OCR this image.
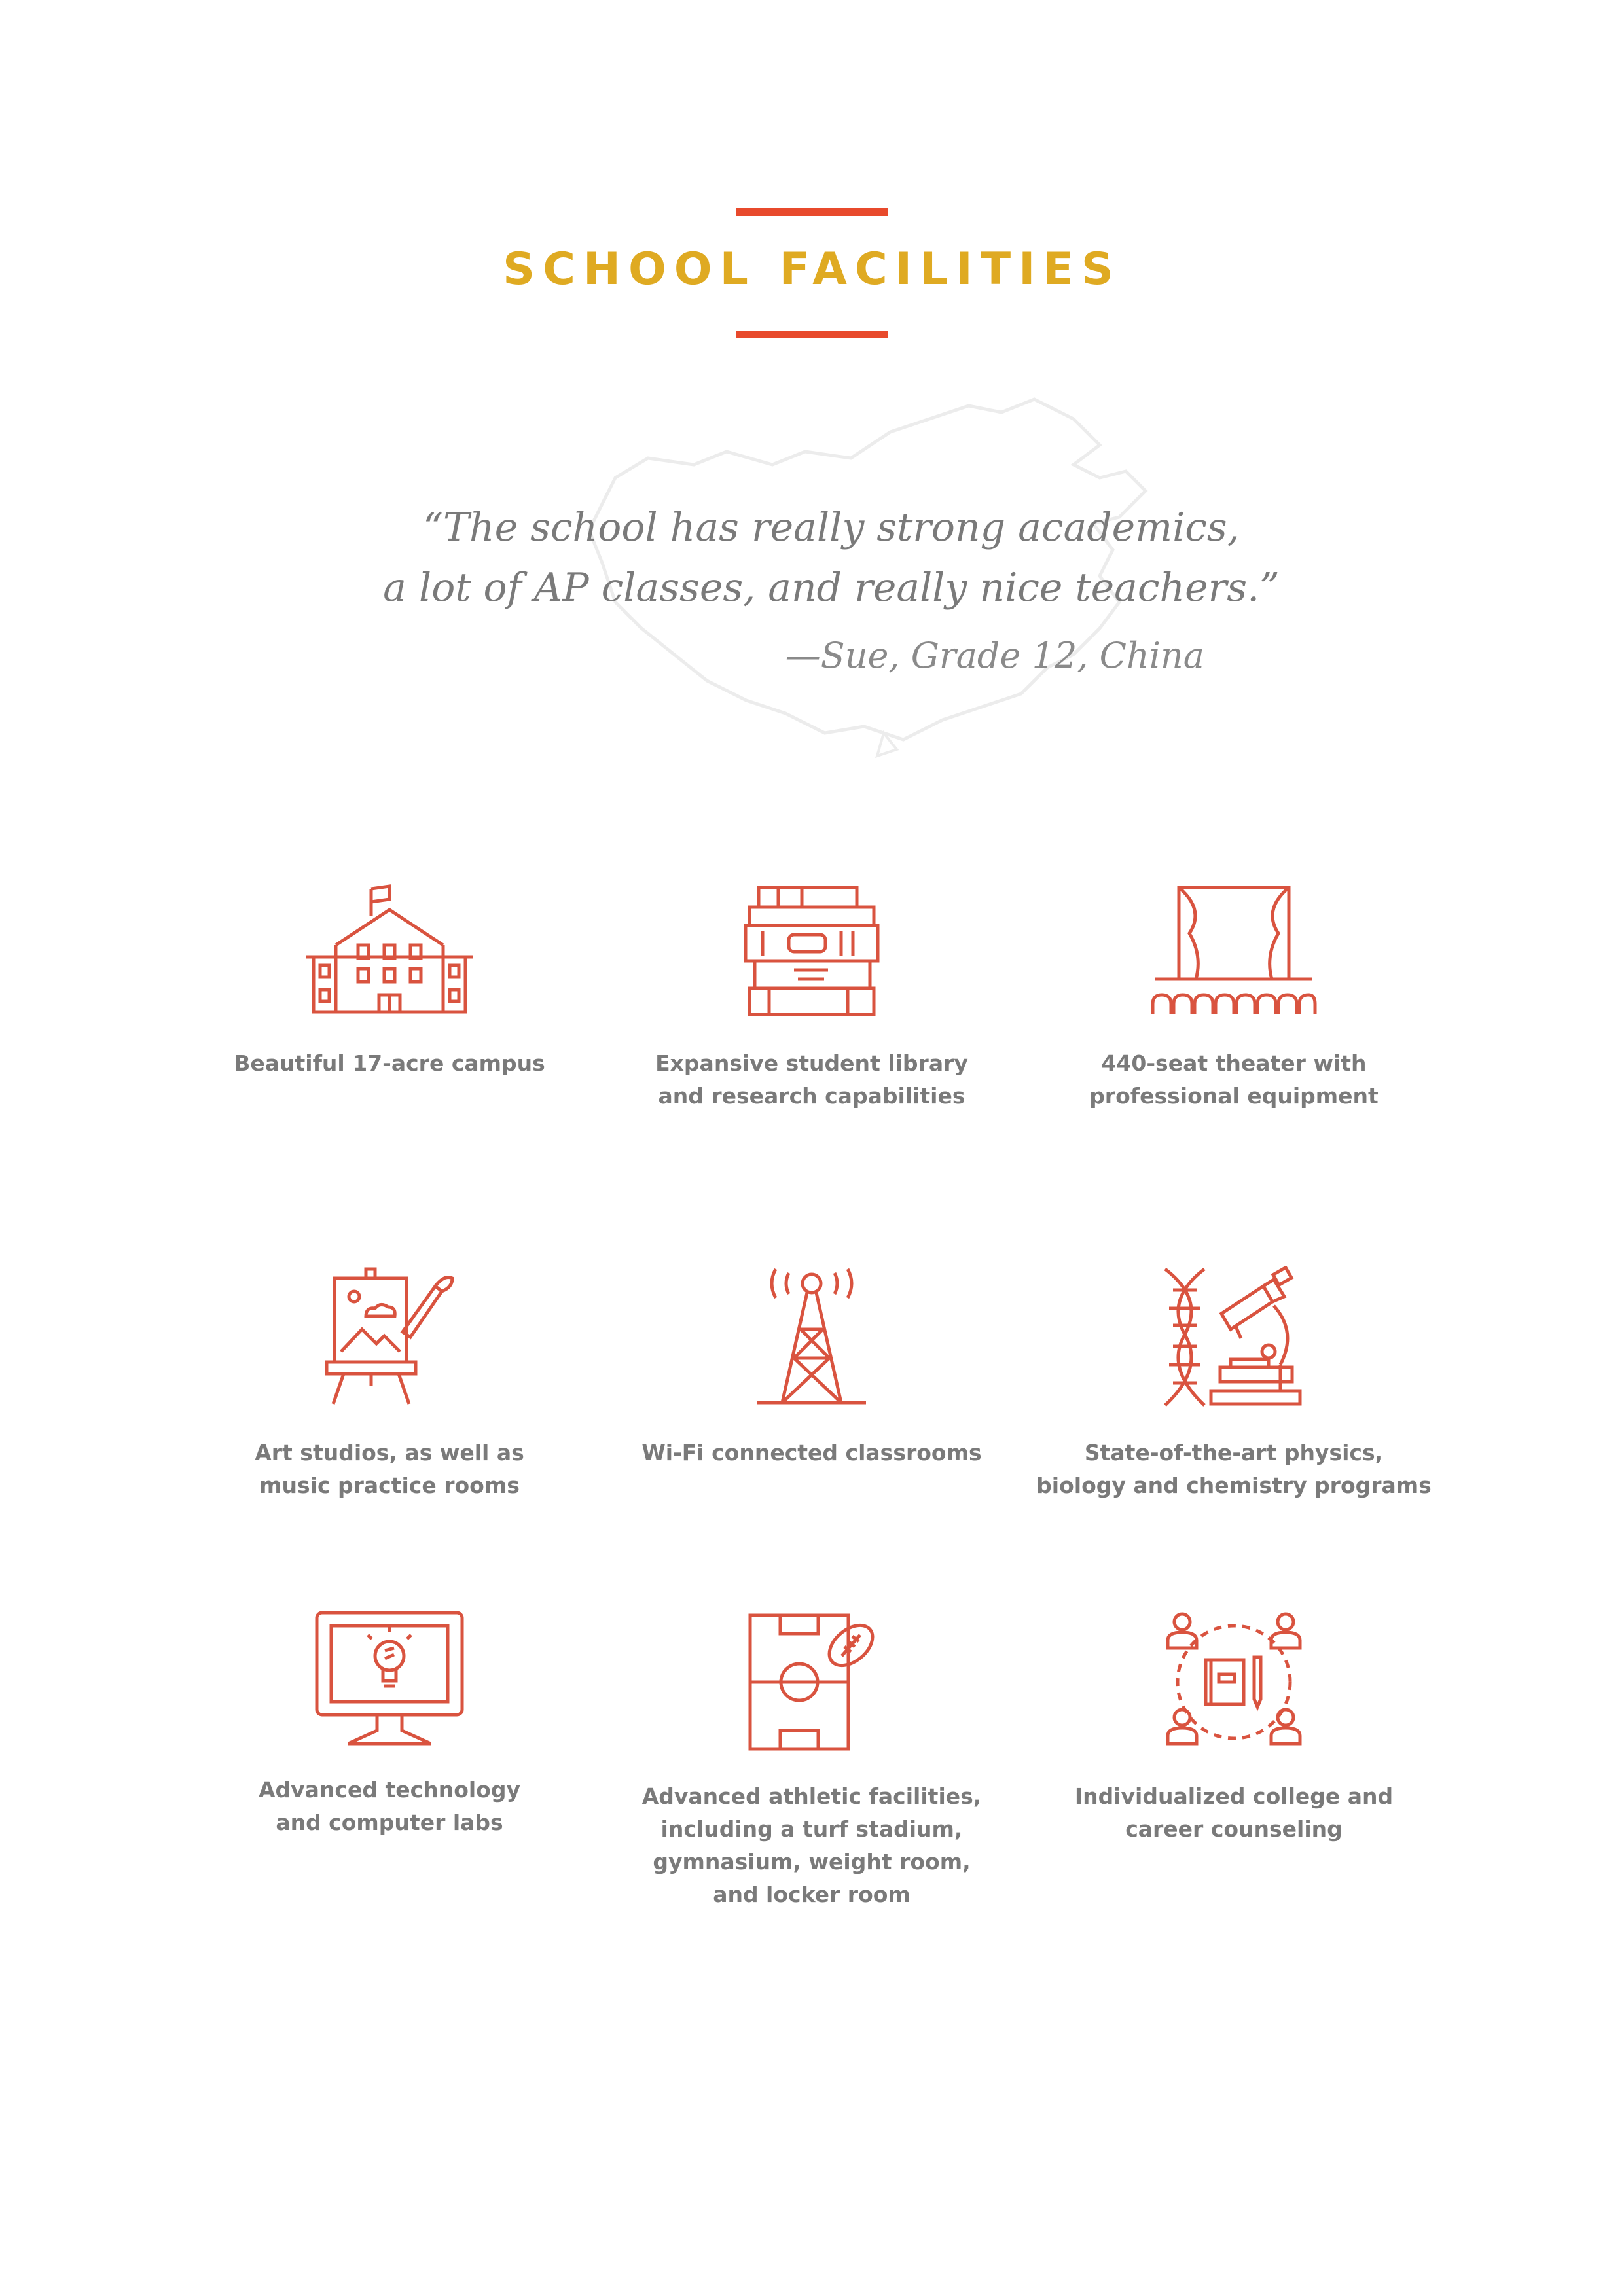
SCHOOL FACILITIES
“The school has really strong academics,
a lot of AP classes, and really nice teachers.”
—Sue, Grade 12, China
Beautiful 17-acre campus	Expansive student library
and research capabilities
440-seat theater with
professional equipment
Art studios, as well as
music practice rooms
Wi-Fi connected classrooms	State-of-the-art physics,
biology and chemistry programs
Advanced technology
and computer labs
Advanced athletic facilities,
including a turf stadium,
gymnasium, weight room,
and locker room
Individualized college and
career counseling
